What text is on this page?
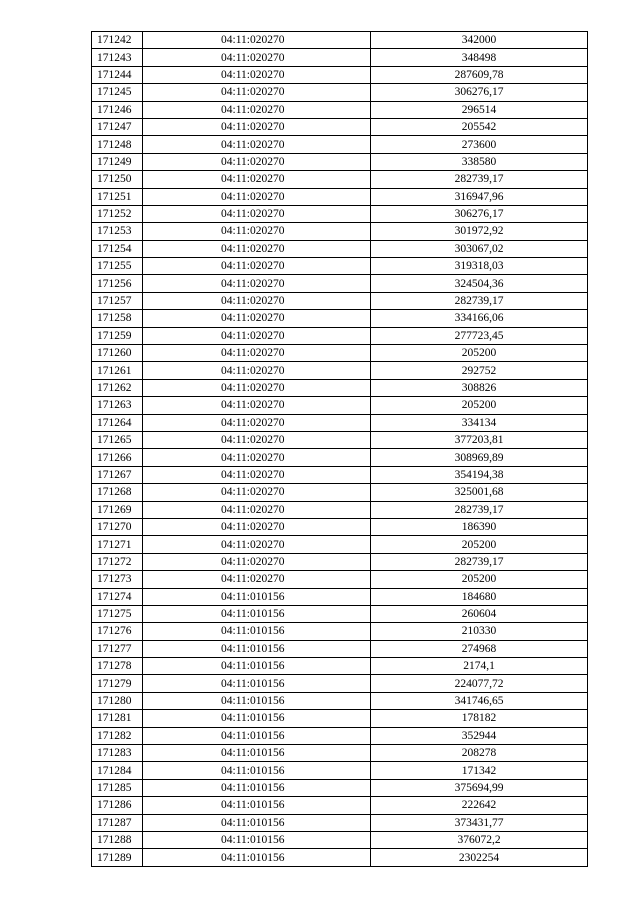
171242	04:11:020270	342000
171243	04:11:020270	348498
171244	04:11:020270	287609,78
171245	04:11:020270	306276,17
171246	04:11:020270	296514
171247	04:11:020270	205542
171248	04:11:020270	273600
171249	04:11:020270	338580
171250	04:11:020270	282739,17
171251	04:11:020270	316947,96
171252	04:11:020270	306276,17
171253	04:11:020270	301972,92
171254	04:11:020270	303067,02
171255	04:11:020270	319318,03
171256	04:11:020270	324504,36
171257	04:11:020270	282739,17
171258	04:11:020270	334166,06
171259	04:11:020270	277723,45
171260	04:11:020270	205200
171261	04:11:020270	292752
171262	04:11:020270	308826
171263	04:11:020270	205200
171264	04:11:020270	334134
171265	04:11:020270	377203,81
171266	04:11:020270	308969,89
171267	04:11:020270	354194,38
171268	04:11:020270	325001,68
171269	04:11:020270	282739,17
171270	04:11:020270	186390
171271	04:11:020270	205200
171272	04:11:020270	282739,17
171273	04:11:020270	205200
171274	04:11:010156	184680
171275	04:11:010156	260604
171276	04:11:010156	210330
171277	04:11:010156	274968
171278	04:11:010156	2174,1
171279	04:11:010156	224077,72
171280	04:11:010156	341746,65
171281	04:11:010156	178182
171282	04:11:010156	352944
171283	04:11:010156	208278
171284	04:11:010156	171342
171285	04:11:010156	375694,99
171286	04:11:010156	222642
171287	04:11:010156	373431,77
171288	04:11:010156	376072,2
171289	04:11:010156	2302254
